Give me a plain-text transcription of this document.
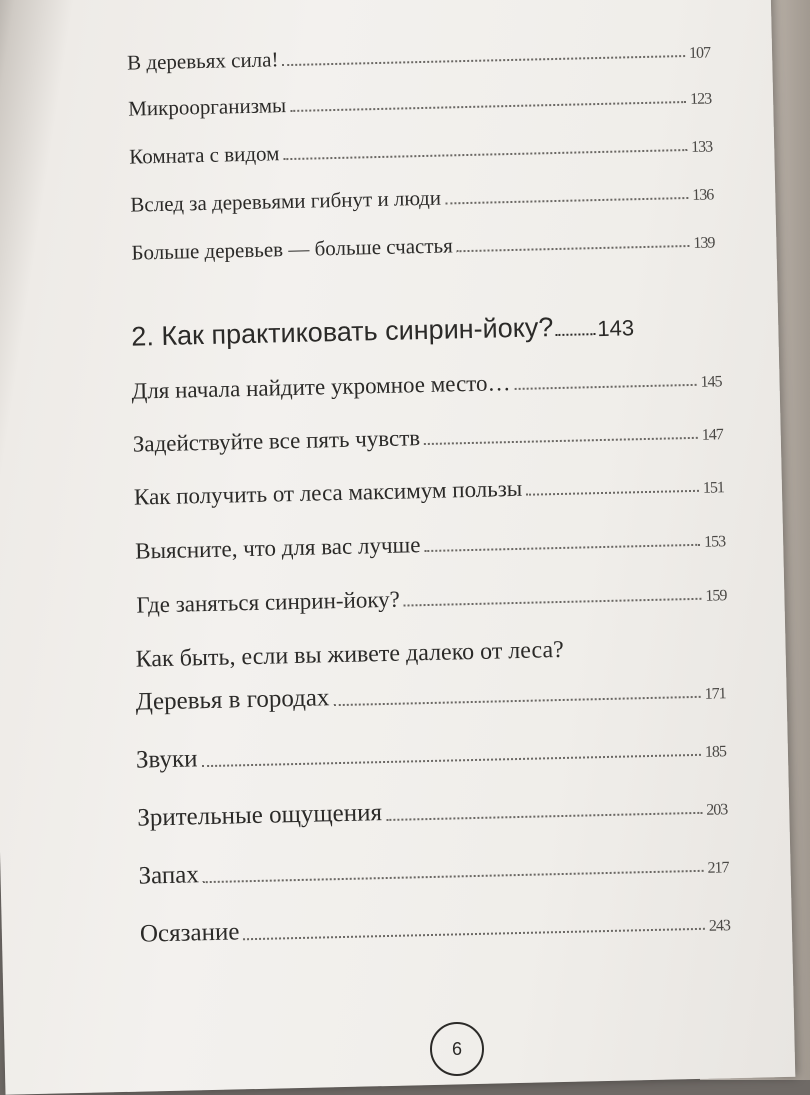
В деревьях сила!	107
Микроорганизмы	123
Комната с видом	133
Вслед за деревьями гибнут и люди	136
Больше деревьев — больше счастья	139
2. Как практиковать синрин-йоку? 143
Для начала найдите укромное место…	145
Задействуйте все пять чувств	147
Как получить от леса максимум пользы	151
Выясните, что для вас лучше	153
Где заняться синрин-йоку?	159
Как быть, если вы живете далеко от леса?
Деревья в городах	171
Звуки	185
Зрительные ощущения	203
Запах	217
Осязание	243
6
